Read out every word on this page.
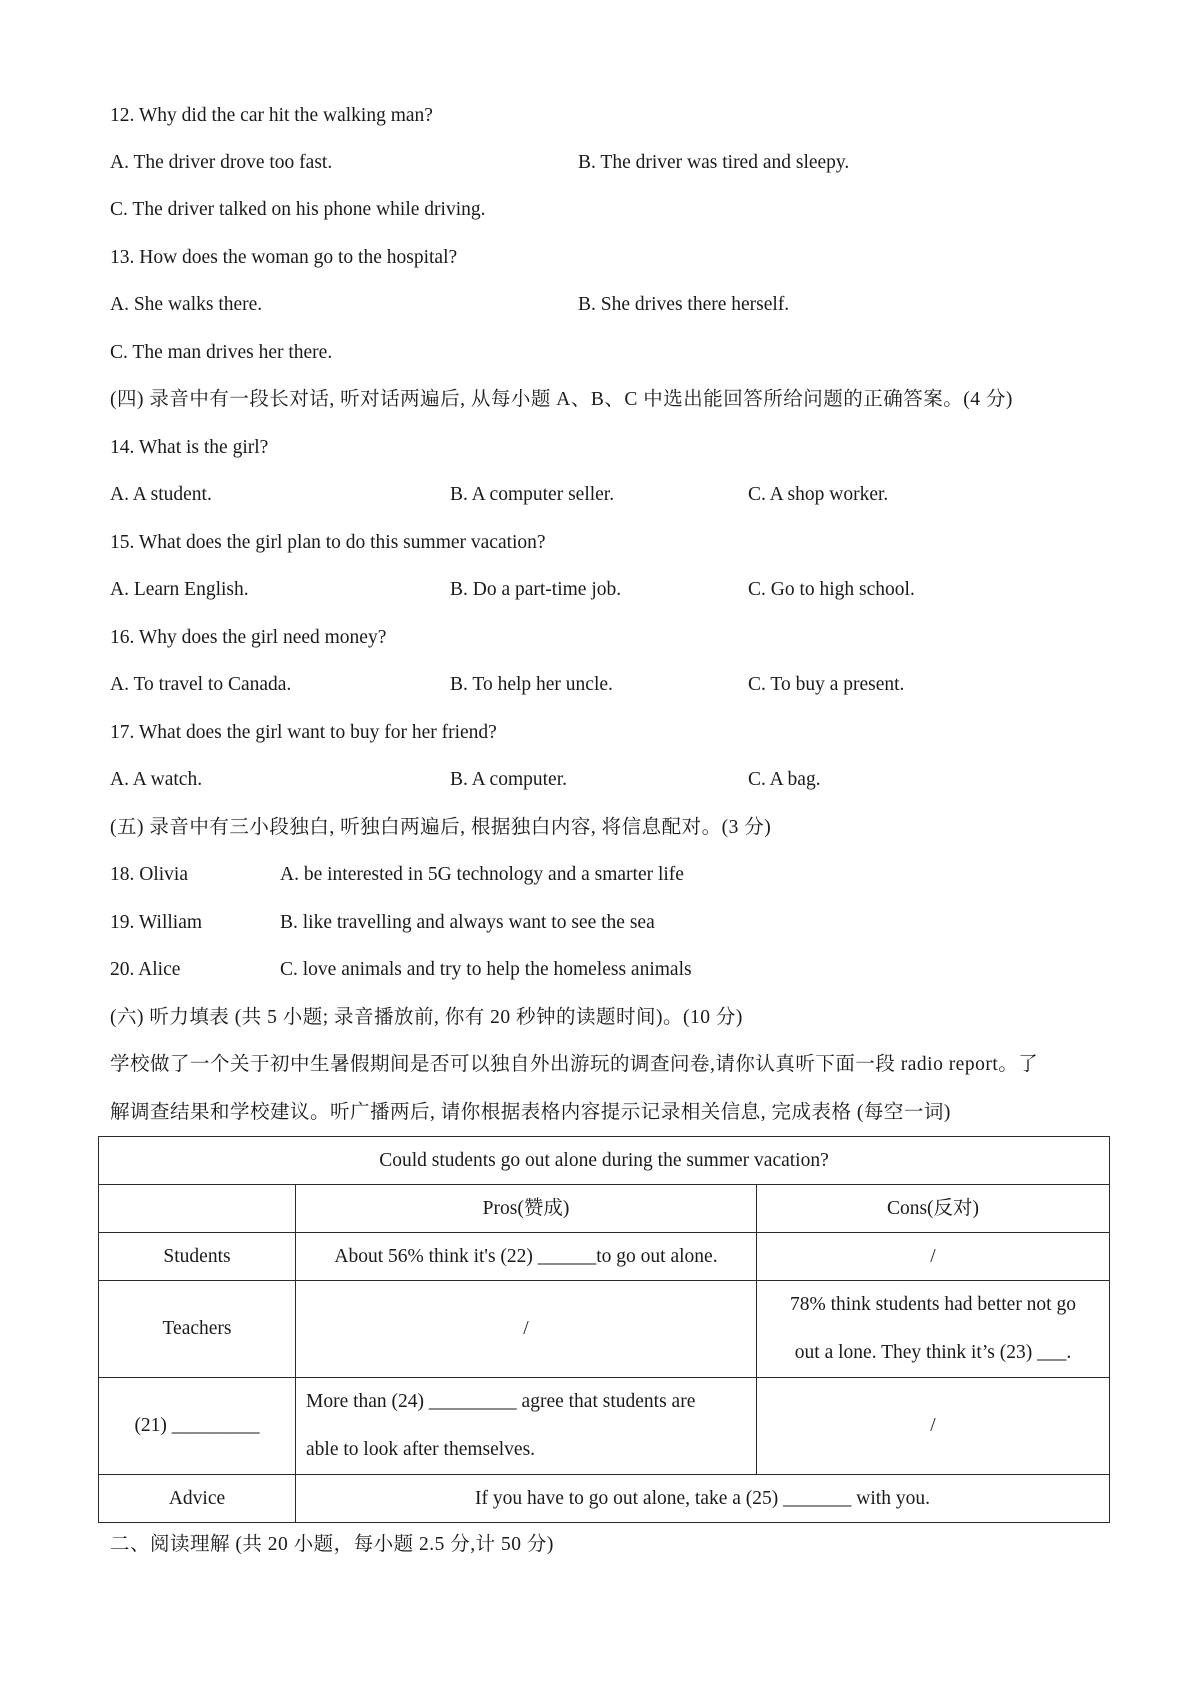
12. Why did the car hit the walking man?
A. The driver drove too fast.	B. The driver was tired and sleepy.
C. The driver talked on his phone while driving.
13. How does the woman go to the hospital?
A. She walks there.	B. She drives there herself.
C. The man drives her there.
(四) 录音中有一段长对话, 听对话两遍后, 从每小题 A、B、C 中选出能回答所给问题的正确答案。(4 分)
14. What is the girl?
A. A student.	B. A computer seller.	C. A shop worker.
15. What does the girl plan to do this summer vacation?
A. Learn English.	B. Do a part-time job.	C. Go to high school.
16. Why does the girl need money?
A. To travel to Canada.	B. To help her uncle.	C. To buy a present.
17. What does the girl want to buy for her friend?
A. A watch.	B. A computer.	C. A bag.
(五) 录音中有三小段独白, 听独白两遍后, 根据独白内容, 将信息配对。(3 分)
18. Olivia	A. be interested in 5G technology and a smarter life
19. William	B. like travelling and always want to see the sea
20. Alice	C. love animals and try to help the homeless animals
(六) 听力填表 (共 5 小题; 录音播放前, 你有 20 秒钟的读题时间)。(10 分)
学校做了一个关于初中生暑假期间是否可以独自外出游玩的调查问卷,请你认真听下面一段 radio report。了
解调查结果和学校建议。听广播两后, 请你根据表格内容提示记录相关信息, 完成表格 (每空一词)
Could students go out alone during the summer vacation?		
	Pros(赞成)	Cons(反对)
Students	About 56% think it's (22) ______to go out alone.	/
Teachers	/	78% think students had better not go
out a lone. They think it’s (23) ___.
(21) _________	More than (24) _________ agree that students are
able to look after themselves.	/
Advice	If you have to go out alone, take a (25) _______ with you.	
二、阅读理解 (共 20 小题，每小题 2.5 分,计 50 分)
